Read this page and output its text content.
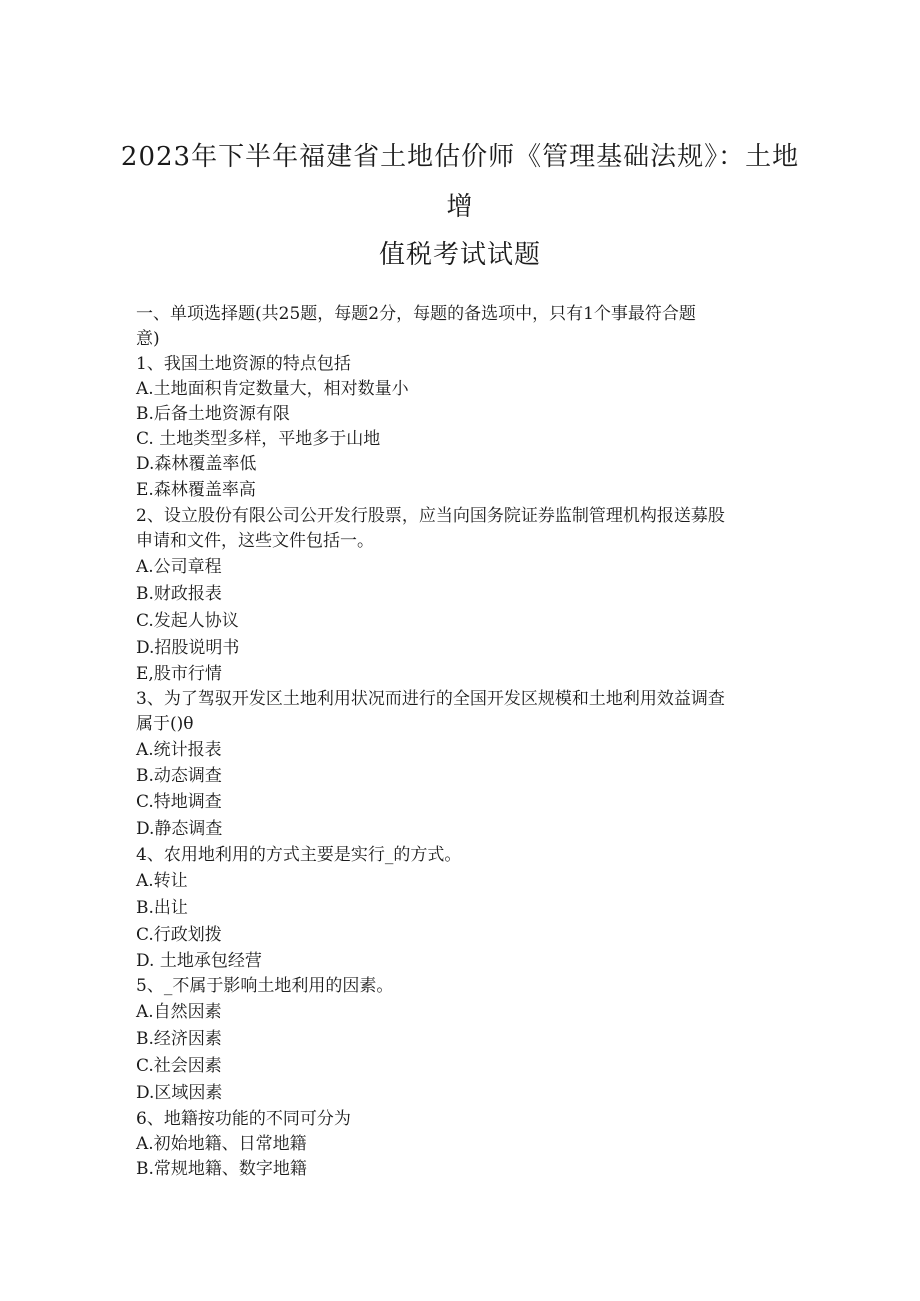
2023年下半年福建省土地估价师《管理基础法规》：土地
增
值税考试试题
一、单项选择题(共25题，每题2分，每题的备选项中，只有1个事最符合题
意)
1、我国土地资源的特点包括
A.土地面积肯定数量大，相对数量小
B.后备土地资源有限
C. 土地类型多样，平地多于山地
D.森林覆盖率低
E.森林覆盖率高
2、设立股份有限公司公开发行股票，应当向国务院证券监制管理机构报送募股
申请和文件，这些文件包括一。
A.公司章程
B.财政报表
C.发起人协议
D.招股说明书
E,股市行情
3、为了驾驭开发区土地利用状况而进行的全国开发区规模和土地利用效益调查
属于()θ
A.统计报表
B.动态调查
C.特地调查
D.静态调查
4、农用地利用的方式主要是实行_的方式。
A.转让
B.出让
C.行政划拨
D. 土地承包经营
5、_不属于影响土地利用的因素。
A.自然因素
B.经济因素
C.社会因素
D.区域因素
6、地籍按功能的不同可分为
A.初始地籍、日常地籍
B.常规地籍、数字地籍
